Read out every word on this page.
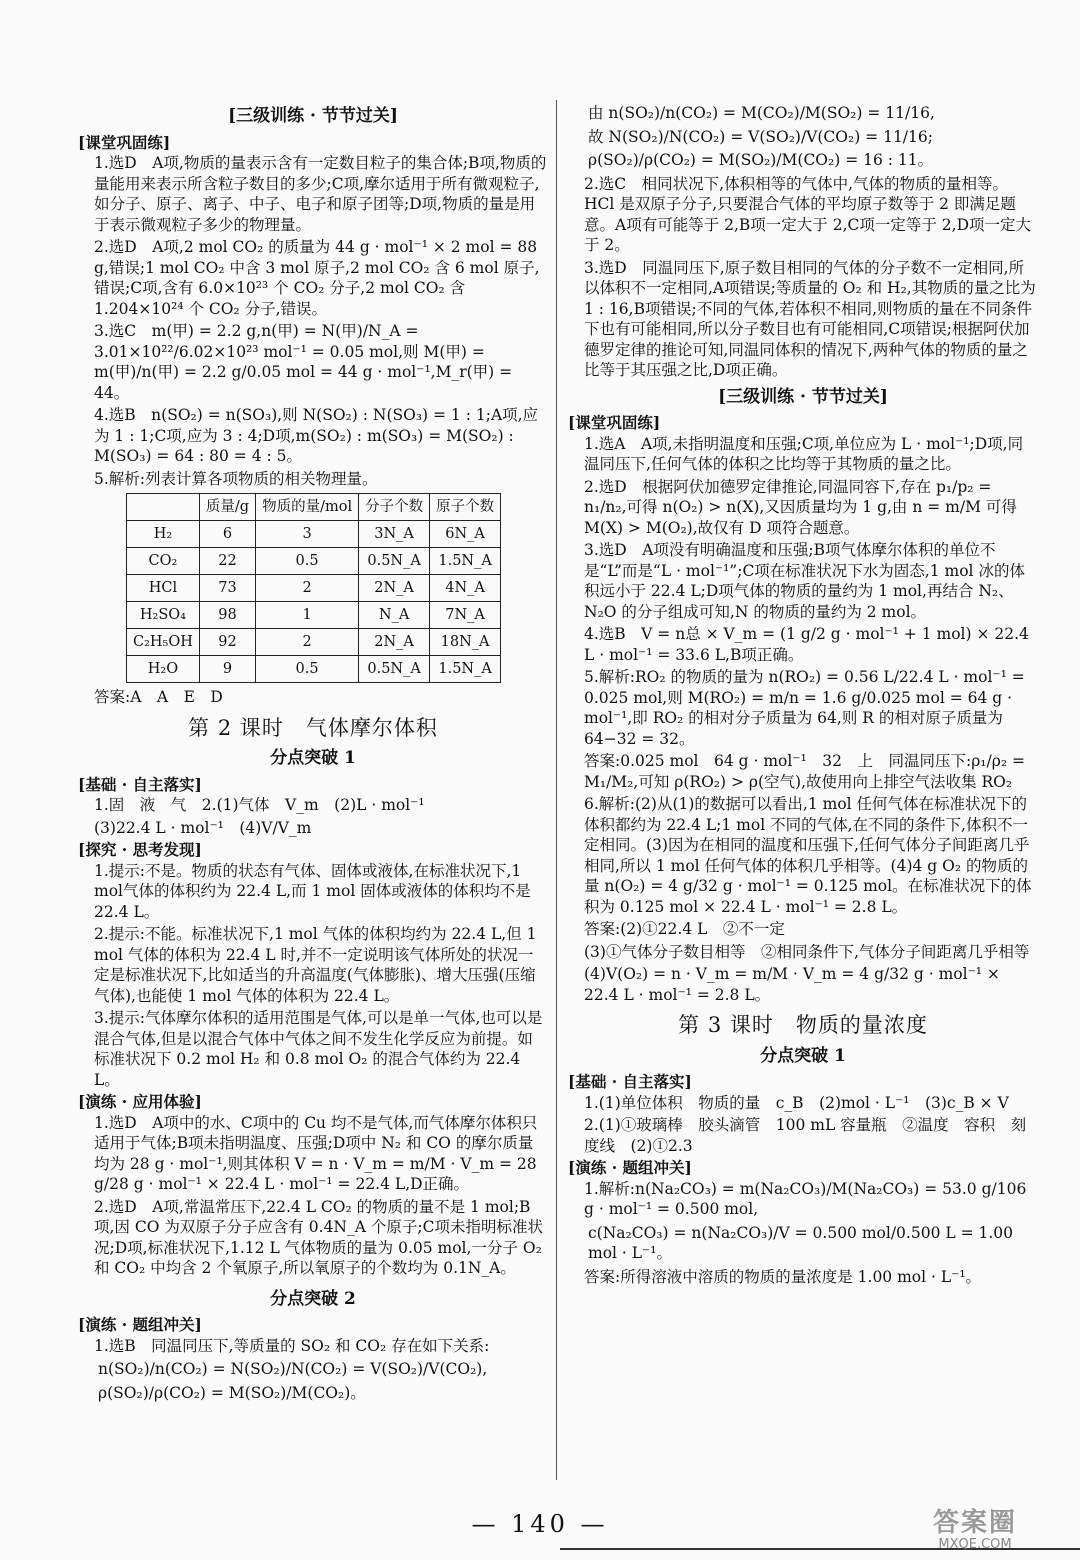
[三级训练 · 节节过关]
[课堂巩固练]

1.选D　A项,物质的量表示含有一定数目粒子的集合体;B项,物质的量能用来表示所含粒子数目的多少;C项,摩尔适用于所有微观粒子,如分子、原子、离子、中子、电子和原子团等;D项,物质的量是用于表示微观粒子多少的物理量。

2.选D　A项,2 mol CO₂ 的质量为 44 g · mol⁻¹ × 2 mol = 88 g,错误;1 mol CO₂ 中含 3 mol 原子,2 mol CO₂ 含 6 mol 原子,错误;C项,含有 6.0×10²³ 个 CO₂ 分子,2 mol CO₂ 含 1.204×10²⁴ 个 CO₂ 分子,错误。

3.选C　m(甲) = 2.2 g,n(甲) = N(甲)/N_A = 3.01×10²²/6.02×10²³ mol⁻¹ = 0.05 mol,则 M(甲) = m(甲)/n(甲) = 2.2 g/0.05 mol = 44 g · mol⁻¹,M_r(甲) = 44。

4.选B　n(SO₂) = n(SO₃),则 N(SO₂) : N(SO₃) = 1 : 1;A项,应为 1 : 1;C项,应为 3 : 4;D项,m(SO₂) : m(SO₃) = M(SO₂) : M(SO₃) = 64 : 80 = 4 : 5。

5.解析:列表计算各项物质的相关物理量。

	质量/g	物质的量/mol	分子个数	原子个数
H₂	6	3	3N_A	6N_A
CO₂	22	0.5	0.5N_A	1.5N_A
HCl	73	2	2N_A	4N_A
H₂SO₄	98	1	N_A	7N_A
C₂H₅OH	92	2	2N_A	18N_A
H₂O	9	0.5	0.5N_A	1.5N_A

答案:A　A　E　D

第 2 课时　气体摩尔体积
分点突破 1
[基础 · 自主落实]

1.固　液　气　2.(1)气体　V_m　(2)L · mol⁻¹

(3)22.4 L · mol⁻¹　(4)V/V_m

[探究 · 思考发现]

1.提示:不是。物质的状态有气体、固体或液体,在标准状况下,1 mol气体的体积约为 22.4 L,而 1 mol 固体或液体的体积均不是 22.4 L。

2.提示:不能。标准状况下,1 mol 气体的体积均约为 22.4 L,但 1 mol 气体的体积为 22.4 L 时,并不一定说明该气体所处的状况一定是标准状况下,比如适当的升高温度(气体膨胀)、增大压强(压缩气体),也能使 1 mol 气体的体积为 22.4 L。

3.提示:气体摩尔体积的适用范围是气体,可以是单一气体,也可以是混合气体,但是以混合气体中气体之间不发生化学反应为前提。如标准状况下 0.2 mol H₂ 和 0.8 mol O₂ 的混合气体约为 22.4 L。

[演练 · 应用体验]

1.选D　A项中的水、C项中的 Cu 均不是气体,而气体摩尔体积只适用于气体;B项未指明温度、压强;D项中 N₂ 和 CO 的摩尔质量均为 28 g · mol⁻¹,则其体积 V = n · V_m = m/M · V_m = 28 g/28 g · mol⁻¹ × 22.4 L · mol⁻¹ = 22.4 L,D正确。

2.选D　A项,常温常压下,22.4 L CO₂ 的物质的量不是 1 mol;B项,因 CO 为双原子分子应含有 0.4N_A 个原子;C项未指明标准状况;D项,标准状况下,1.12 L 气体物质的量为 0.05 mol,一分子 O₂ 和 CO₂ 中均含 2 个氧原子,所以氧原子的个数均为 0.1N_A。

分点突破 2
[演练 · 题组冲关]

1.选B　同温同压下,等质量的 SO₂ 和 CO₂ 存在如下关系:

n(SO₂)/n(CO₂) = N(SO₂)/N(CO₂) = V(SO₂)/V(CO₂),

ρ(SO₂)/ρ(CO₂) = M(SO₂)/M(CO₂)。

由 n(SO₂)/n(CO₂) = M(CO₂)/M(SO₂) = 11/16,

故 N(SO₂)/N(CO₂) = V(SO₂)/V(CO₂) = 11/16;

ρ(SO₂)/ρ(CO₂) = M(SO₂)/M(CO₂) = 16 : 11。

2.选C　相同状况下,体积相等的气体中,气体的物质的量相等。HCl 是双原子分子,只要混合气体的平均原子数等于 2 即满足题意。A项有可能等于 2,B项一定大于 2,C项一定等于 2,D项一定大于 2。

3.选D　同温同压下,原子数目相同的气体的分子数不一定相同,所以体积不一定相同,A项错误;等质量的 O₂ 和 H₂,其物质的量之比为 1 : 16,B项错误;不同的气体,若体积不相同,则物质的量在不同条件下也有可能相同,所以分子数目也有可能相同,C项错误;根据阿伏加德罗定律的推论可知,同温同体积的情况下,两种气体的物质的量之比等于其压强之比,D项正确。

[三级训练 · 节节过关]
[课堂巩固练]

1.选A　A项,未指明温度和压强;C项,单位应为 L · mol⁻¹;D项,同温同压下,任何气体的体积之比均等于其物质的量之比。

2.选D　根据阿伏加德罗定律推论,同温同容下,存在 p₁/p₂ = n₁/n₂,可得 n(O₂) > n(X),又因质量均为 1 g,由 n = m/M 可得 M(X) > M(O₂),故仅有 D 项符合题意。

3.选D　A项没有明确温度和压强;B项气体摩尔体积的单位不是“L”而是“L · mol⁻¹”;C项在标准状况下水为固态,1 mol 冰的体积远小于 22.4 L;D项气体的物质的量约为 1 mol,再结合 N₂、N₂O 的分子组成可知,N 的物质的量约为 2 mol。

4.选B　V = n总 × V_m = (1 g/2 g · mol⁻¹ + 1 mol) × 22.4 L · mol⁻¹ = 33.6 L,B项正确。

5.解析:RO₂ 的物质的量为 n(RO₂) = 0.56 L/22.4 L · mol⁻¹ = 0.025 mol,则 M(RO₂) = m/n = 1.6 g/0.025 mol = 64 g · mol⁻¹,即 RO₂ 的相对分子质量为 64,则 R 的相对原子质量为 64−32 = 32。

答案:0.025 mol　64 g · mol⁻¹　32　上　同温同压下:ρ₁/ρ₂ = M₁/M₂,可知 ρ(RO₂) > ρ(空气),故使用向上排空气法收集 RO₂

6.解析:(2)从(1)的数据可以看出,1 mol 任何气体在标准状况下的体积都约为 22.4 L;1 mol 不同的气体,在不同的条件下,体积不一定相同。(3)因为在相同的温度和压强下,任何气体分子间距离几乎相同,所以 1 mol 任何气体的体积几乎相等。(4)4 g O₂ 的物质的量 n(O₂) = 4 g/32 g · mol⁻¹ = 0.125 mol。在标准状况下的体积为 0.125 mol × 22.4 L · mol⁻¹ = 2.8 L。

答案:(2)①22.4 L　②不一定

(3)①气体分子数目相等　②相同条件下,气体分子间距离几乎相等

(4)V(O₂) = n · V_m = m/M · V_m = 4 g/32 g · mol⁻¹ × 22.4 L · mol⁻¹ = 2.8 L。

第 3 课时　物质的量浓度
分点突破 1
[基础 · 自主落实]

1.(1)单位体积　物质的量　c_B　(2)mol · L⁻¹　(3)c_B × V

2.(1)①玻璃棒　胶头滴管　100 mL 容量瓶　②温度　容积　刻度线　(2)①2.3

[演练 · 题组冲关]

1.解析:n(Na₂CO₃) = m(Na₂CO₃)/M(Na₂CO₃) = 53.0 g/106 g · mol⁻¹ = 0.500 mol,

c(Na₂CO₃) = n(Na₂CO₃)/V = 0.500 mol/0.500 L = 1.00 mol · L⁻¹。

答案:所得溶液中溶质的物质的量浓度是 1.00 mol · L⁻¹。

— 140 —	答案圈
MXQE.COM
